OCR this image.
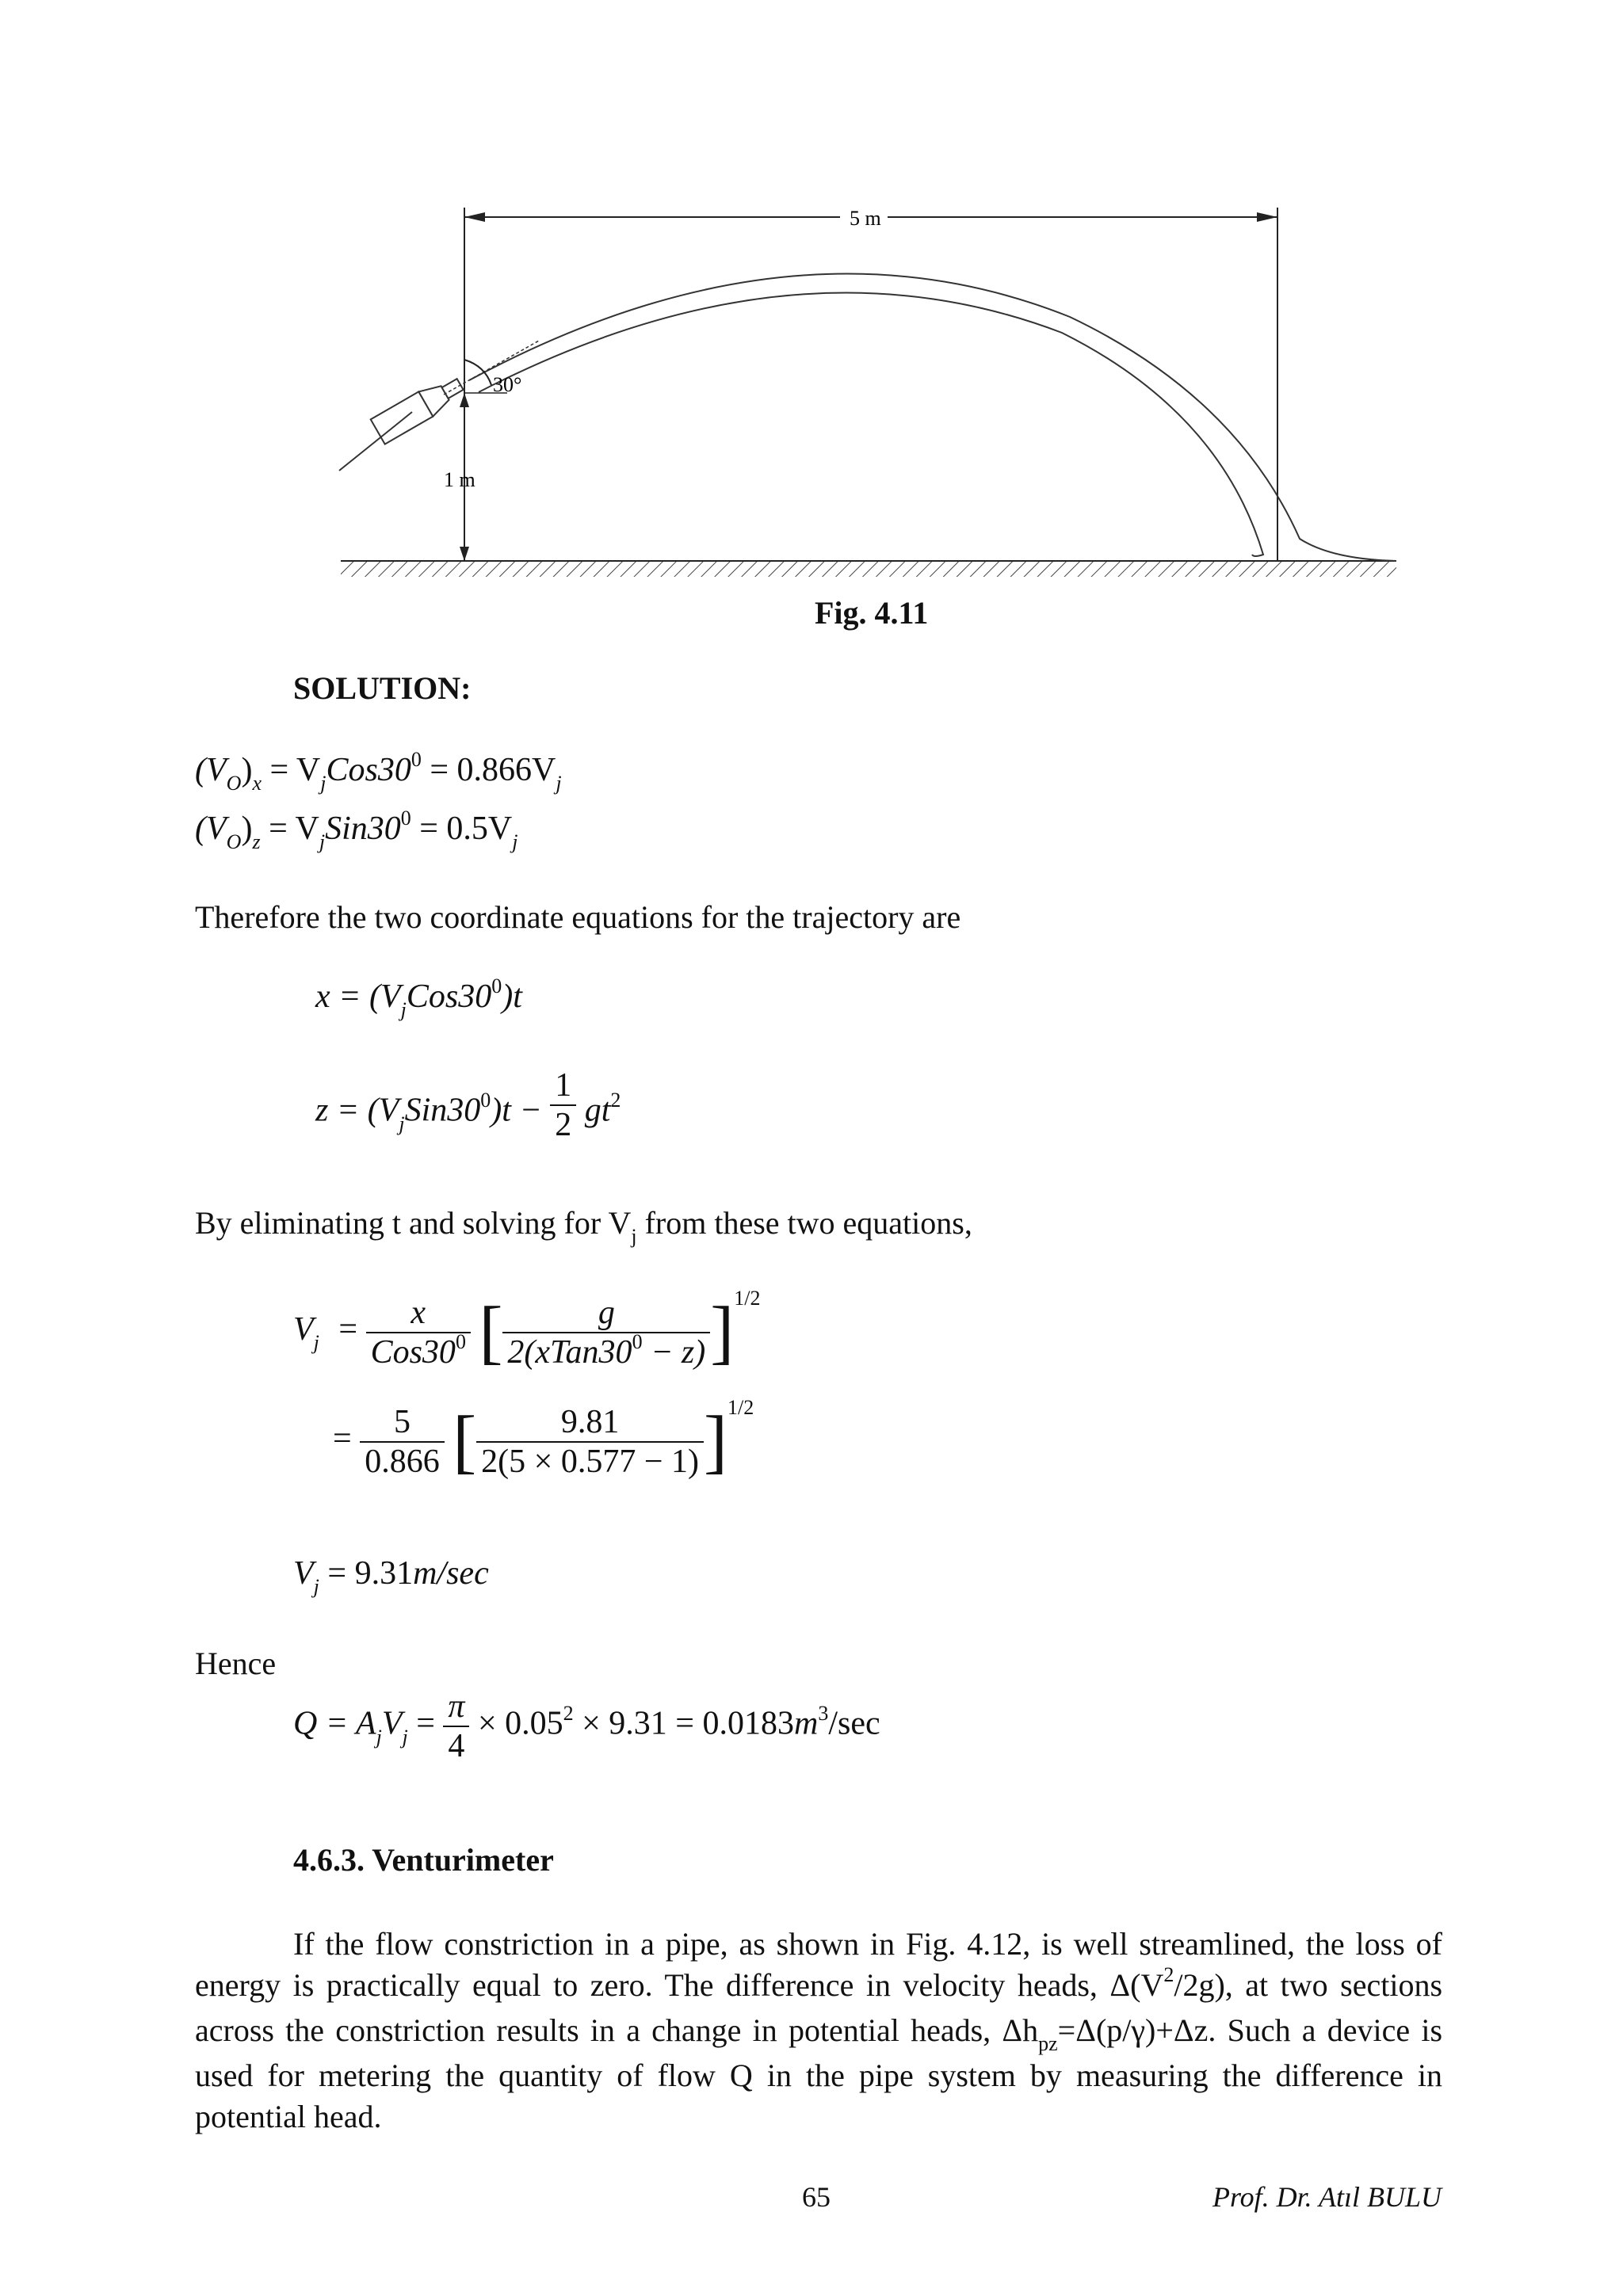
5 m
1 m
30°
Fig. 4.11
SOLUTION:
$(V_O)_x = V_jCos30^0 = 0.866V_j$
$(V_O)_z = V_jSin30^0 = 0.5V_j$
Therefore the two coordinate equations for the trajectory are
$x = (V_jCos30^0)t$
$z = (V_jSin30^0)t - \frac{1}{2} gt^2$
By eliminating t and solving for $V_j$ from these two equations,
$V_j = \frac{x}{Cos30^0}$ [ $\frac{g}{2(xTan30^0 - z)} ]^{1/2}$
= $\frac{5}{0.866}$ [ $\frac{9.81}{2(5 \times 0.577 - 1)} ]^{1/2}$
$V_j = 9.31m/\sec$
Hence
$Q = A_jV_j = \frac{\pi}{4} \times 0.05^2 \times 9.31 = 0.0183m^3/\sec$
4.6.3. Venturimeter
If the flow constriction in a pipe, as shown in Fig. 4.12, is well streamlined, the loss of
energy is practically equal to zero. The difference in velocity heads, $\Delta(V^2/2g)$, at two sections
across the constriction results in a change in potential heads, $\Delta h_{pz}=\Delta(p/\gamma)+\Delta z$. Such a device is
used for metering the quantity of flow Q in the pipe system by measuring the difference in
potential head.
65	Prof. Dr. Atıl BULU
